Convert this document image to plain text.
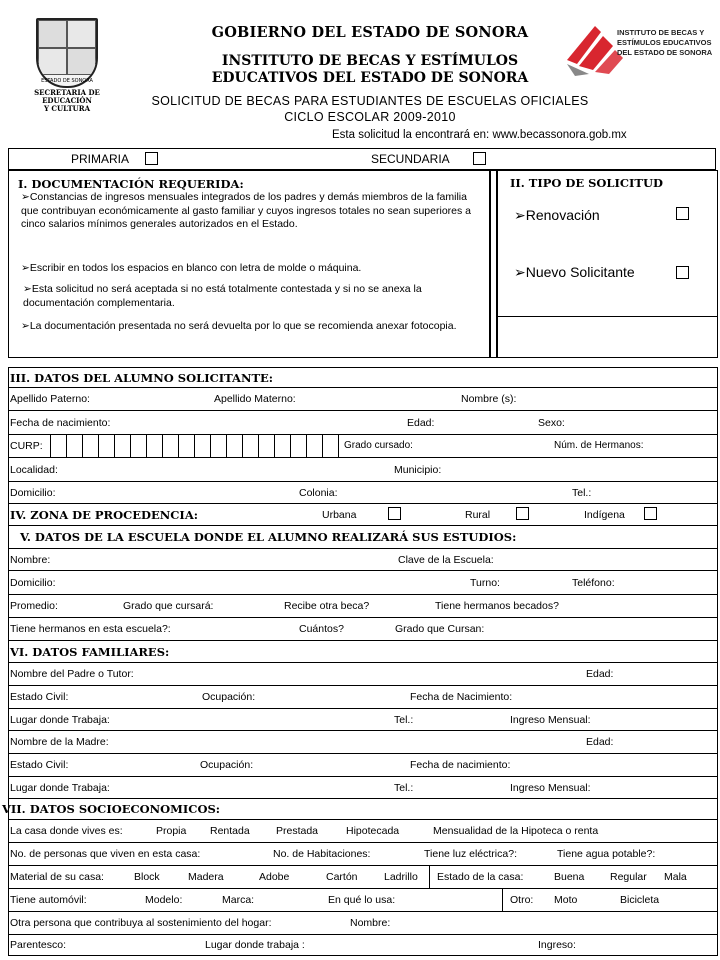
ESTADO DE SONORA
SECRETARIA DE
EDUCACIÓN
Y CULTURA
GOBIERNO DEL ESTADO DE SONORA
INSTITUTO DE BECAS Y ESTÍMULOS
EDUCATIVOS DEL ESTADO DE SONORA
INSTITUTO DE BECAS Y
ESTÍMULOS EDUCATIVOS
DEL ESTADO DE SONORA
SOLICITUD DE BECAS PARA ESTUDIANTES DE ESCUELAS OFICIALES
CICLO ESCOLAR 2009-2010
Esta solicitud la encontrará en: www.becassonora.gob.mx
PRIMARIA	SECUNDARIA
I. DOCUMENTACIÓN REQUERIDA:
➢Constancias de ingresos mensuales integrados de los padres y demás miembros de la familia que contribuyan económicamente al gasto familiar y cuyos ingresos totales no sean superiores a cinco salarios mínimos generales autorizados en el Estado.
➢Escribir en todos los espacios en blanco con letra de molde o máquina.
➢Esta solicitud no será aceptada si no está totalmente contestada y si no se anexa la documentación complementaria.
➢La documentación presentada no será devuelta por lo que se recomienda anexar fotocopia.
II. TIPO DE SOLICITUD
➢Renovación
➢Nuevo Solicitante
III. DATOS DEL ALUMNO SOLICITANTE:
Apellido Paterno:	Apellido Materno:	Nombre (s):
Fecha de nacimiento:	Edad:	Sexo:
CURP:	Grado cursado:	Núm. de Hermanos:
Localidad:	Municipio:
Domicilio:	Colonia:	Tel.:
IV. ZONA DE PROCEDENCIA:	Urbana	Rural	Indígena
V. DATOS DE LA ESCUELA DONDE EL ALUMNO REALIZARÁ SUS ESTUDIOS:
Nombre:	Clave de la Escuela:
Domicilio:	Turno:	Teléfono:
Promedio:	Grado que cursará:	Recibe otra beca?	Tiene hermanos becados?
Tiene hermanos en esta escuela?:	Cuántos?	Grado que Cursan:
VI. DATOS FAMILIARES:
Nombre del Padre o Tutor:	Edad:
Estado Civil:	Ocupación:	Fecha de Nacimiento:
Lugar donde Trabaja:	Tel.:	Ingreso Mensual:
Nombre de la Madre:	Edad:
Estado Civil:	Ocupación:	Fecha de nacimiento:
Lugar donde Trabaja:	Tel.:	Ingreso Mensual:
VII. DATOS SOCIOECONOMICOS:
La casa donde vives es:	Propia Rentada	Prestada	Hipotecada	Mensualidad de la Hipoteca o renta
No. de personas que viven en esta casa:	No. de Habitaciones:	Tiene luz eléctrica?:	Tiene agua potable?:
Material de su casa:	Block	Madera	Adobe	Cartón	Ladrillo Estado de la casa:	Buena Regular Mala
Tiene automóvil:	Modelo:	Marca:	En qué lo usa:	Otro: Moto	Bicicleta
Otra persona que contribuya al sostenimiento del hogar:	Nombre:
Parentesco:	Lugar donde trabaja :	Ingreso:
